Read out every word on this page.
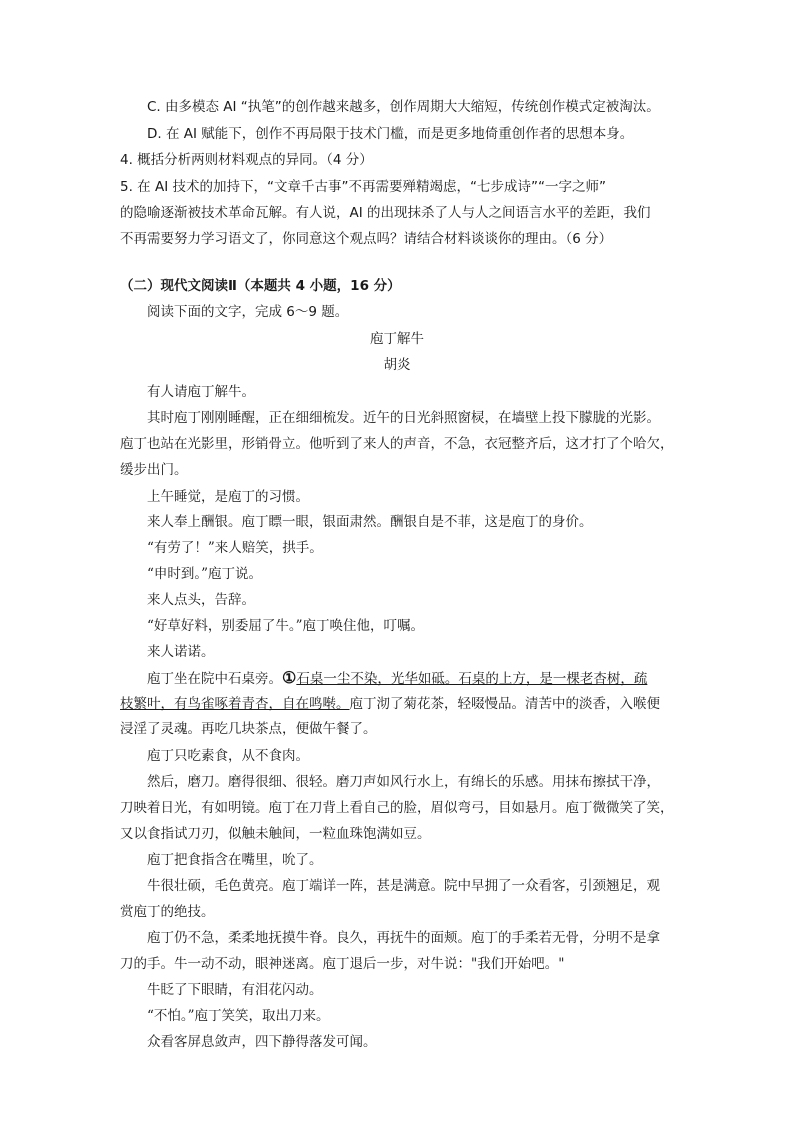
C. 由多模态 AI “执笔”的创作越来越多，创作周期大大缩短，传统创作模式定被淘汰。
D. 在 AI 赋能下，创作不再局限于技术门槛，而是更多地倚重创作者的思想本身。
4. 概括分析两则材料观点的异同。（4 分）
5. 在 AI 技术的加持下，“文章千古事”不再需要殚精竭虑，“七步成诗”“一字之师”
的隐喻逐渐被技术革命瓦解。有人说，AI 的出现抹杀了人与人之间语言水平的差距，我们
不再需要努力学习语文了，你同意这个观点吗？请结合材料谈谈你的理由。（6 分）
（二）现代文阅读Ⅱ（本题共 4 小题，16 分）
阅读下面的文字，完成 6～9 题。
庖丁解牛
胡炎
有人请庖丁解牛。
其时庖丁刚刚睡醒，正在细细梳发。近午的日光斜照窗棂，在墙壁上投下朦胧的光影。
庖丁也站在光影里，形销骨立。他听到了来人的声音，不急，衣冠整齐后，这才打了个哈欠，
缓步出门。
上午睡觉，是庖丁的习惯。
来人奉上酬银。庖丁瞟一眼，银面肃然。酬银自是不菲，这是庖丁的身价。
“有劳了！”来人赔笑，拱手。
“申时到。”庖丁说。
来人点头，告辞。
“好草好料，别委屈了牛。”庖丁唤住他，叮嘱。
来人诺诺。
庖丁坐在院中石桌旁。①石桌一尘不染，光华如砥。石桌的上方，是一棵老杏树，疏
枝繁叶，有鸟雀啄着青杏，自在鸣啭。庖丁沏了菊花茶，轻啜慢品。清苦中的淡香，入喉便
浸淫了灵魂。再吃几块茶点，便做午餐了。
庖丁只吃素食，从不食肉。
然后，磨刀。磨得很细、很轻。磨刀声如风行水上，有绵长的乐感。用抹布擦拭干净，
刀映着日光，有如明镜。庖丁在刀背上看自己的脸，眉似弯弓，目如悬月。庖丁微微笑了笑，
又以食指试刀刃，似触未触间，一粒血珠饱满如豆。
庖丁把食指含在嘴里，吮了。
牛很壮硕，毛色黄亮。庖丁端详一阵，甚是满意。院中早拥了一众看客，引颈翘足，观
赏庖丁的绝技。
庖丁仍不急，柔柔地抚摸牛脊。良久，再抚牛的面颊。庖丁的手柔若无骨，分明不是拿
刀的手。牛一动不动，眼神迷离。庖丁退后一步，对牛说："我们开始吧。"
牛眨了下眼睛，有泪花闪动。
“不怕。”庖丁笑笑，取出刀来。
众看客屏息敛声，四下静得落发可闻。
